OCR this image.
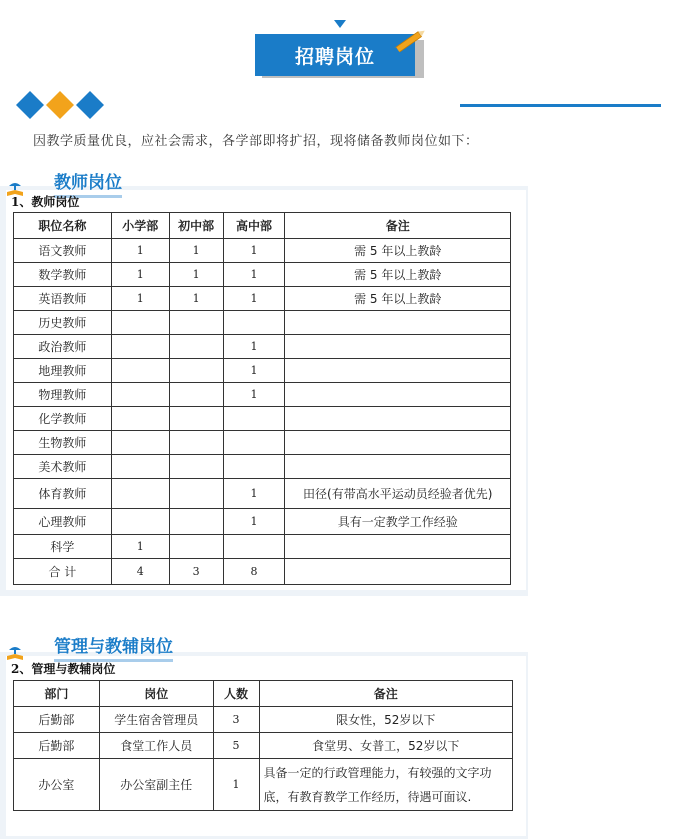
招聘岗位
因教学质量优良，应社会需求，各学部即将扩招，现将储备教师岗位如下：
教师岗位
1、教师岗位
职位名称	小学部	初中部	高中部	备注
语文教师	1	1	1	需 5 年以上教龄
数学教师	1	1	1	需 5 年以上教龄
英语教师	1	1	1	需 5 年以上教龄
历史教师				
政治教师			1	
地理教师			1	
物理教师			1	
化学教师				
生物教师				
美术教师				
体育教师			1	田径(有带高水平运动员经验者优先)
心理教师			1	具有一定教学工作经验
科学	1			
合 计	4	3	8	
管理与教辅岗位
2、管理与教辅岗位
部门	岗位	人数	备注
后勤部	学生宿舍管理员	3	限女性，52岁以下
后勤部	食堂工作人员	5	食堂男、女普工，52岁以下
办公室	办公室副主任	1	具备一定的行政管理能力，有较强的文字功底，有教育教学工作经历，待遇可面议.
